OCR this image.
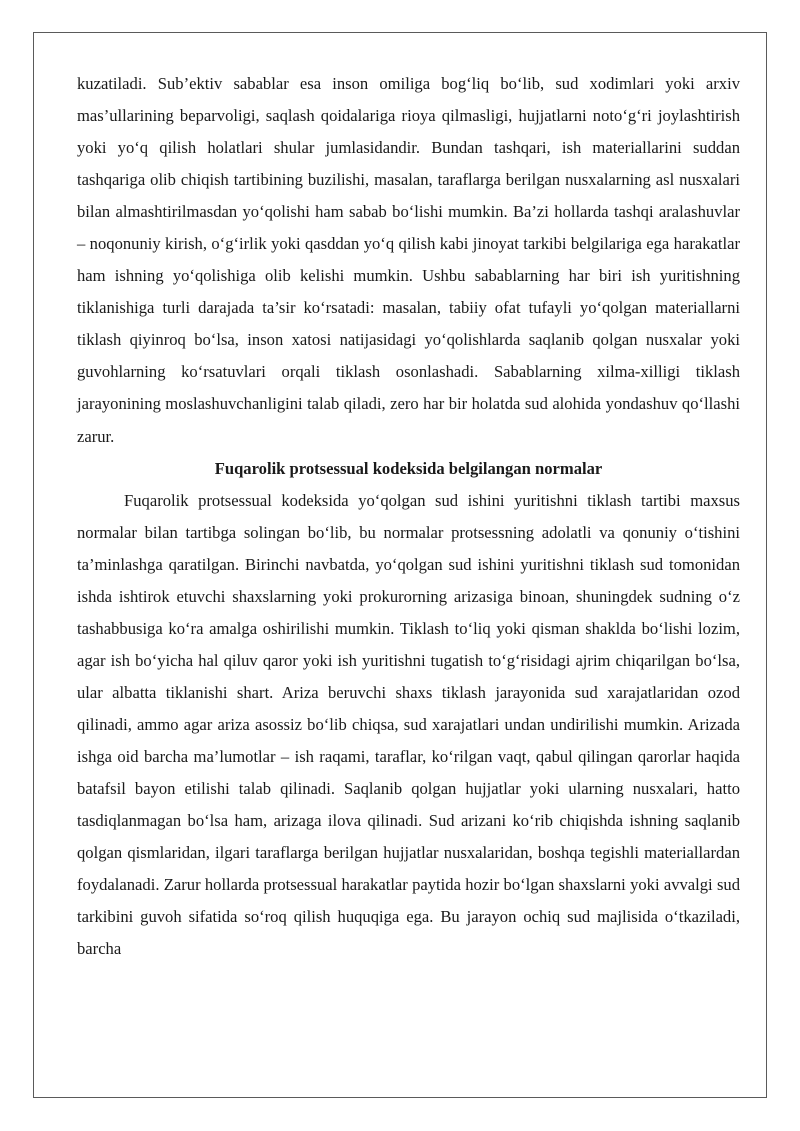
kuzatiladi. Sub’ektiv sabablar esa inson omiliga bog‘liq bo‘lib, sud xodimlari yoki arxiv mas’ullarining beparvoligi, saqlash qoidalariga rioya qilmasligi, hujjatlarni noto‘g‘ri joylashtirish yoki yo‘q qilish holatlari shular jumlasidandir. Bundan tashqari, ish materiallarini suddan tashqariga olib chiqish tartibining buzilishi, masalan, taraflarga berilgan nusxalarning asl nusxalari bilan almashtirilmasdan yo‘qolishi ham sabab bo‘lishi mumkin. Ba’zi hollarda tashqi aralashuvlar – noqonuniy kirish, o‘g‘irlik yoki qasddan yo‘q qilish kabi jinoyat tarkibi belgilariga ega harakatlar ham ishning yo‘qolishiga olib kelishi mumkin. Ushbu sabablarning har biri ish yuritishning tiklanishiga turli darajada ta’sir ko‘rsatadi: masalan, tabiiy ofat tufayli yo‘qolgan materiallarni tiklash qiyinroq bo‘lsa, inson xatosi natijasidagi yo‘qolishlarda saqlanib qolgan nusxalar yoki guvohlarning ko‘rsatuvlari orqali tiklash osonlashadi. Sabablarning xilma-xilligi tiklash jarayonining moslashuvchanligini talab qiladi, zero har bir holatda sud alohida yondashuv qo‘llashi zarur.

Fuqarolik protsessual kodeksida belgilangan normalar

Fuqarolik protsessual kodeksida yo‘qolgan sud ishini yuritishni tiklash tartibi maxsus normalar bilan tartibga solingan bo‘lib, bu normalar protsessning adolatli va qonuniy o‘tishini ta’minlashga qaratilgan. Birinchi navbatda, yo‘qolgan sud ishini yuritishni tiklash sud tomonidan ishda ishtirok etuvchi shaxslarning yoki prokurorning arizasiga binoan, shuningdek sudning o‘z tashabbusiga ko‘ra amalga oshirilishi mumkin. Tiklash to‘liq yoki qisman shaklda bo‘lishi lozim, agar ish bo‘yicha hal qiluv qaror yoki ish yuritishni tugatish to‘g‘risidagi ajrim chiqarilgan bo‘lsa, ular albatta tiklanishi shart. Ariza beruvchi shaxs tiklash jarayonida sud xarajatlaridan ozod qilinadi, ammo agar ariza asossiz bo‘lib chiqsa, sud xarajatlari undan undirilishi mumkin. Arizada ishga oid barcha ma’lumotlar – ish raqami, taraflar, ko‘rilgan vaqt, qabul qilingan qarorlar haqida batafsil bayon etilishi talab qilinadi. Saqlanib qolgan hujjatlar yoki ularning nusxalari, hatto tasdiqlanmagan bo‘lsa ham, arizaga ilova qilinadi. Sud arizani ko‘rib chiqishda ishning saqlanib qolgan qismlaridan, ilgari taraflarga berilgan hujjatlar nusxalaridan, boshqa tegishli materiallardan foydalanadi. Zarur hollarda protsessual harakatlar paytida hozir bo‘lgan shaxslarni yoki avvalgi sud tarkibini guvoh sifatida so‘roq qilish huquqiga ega. Bu jarayon ochiq sud majlisida o‘tkaziladi, barcha
